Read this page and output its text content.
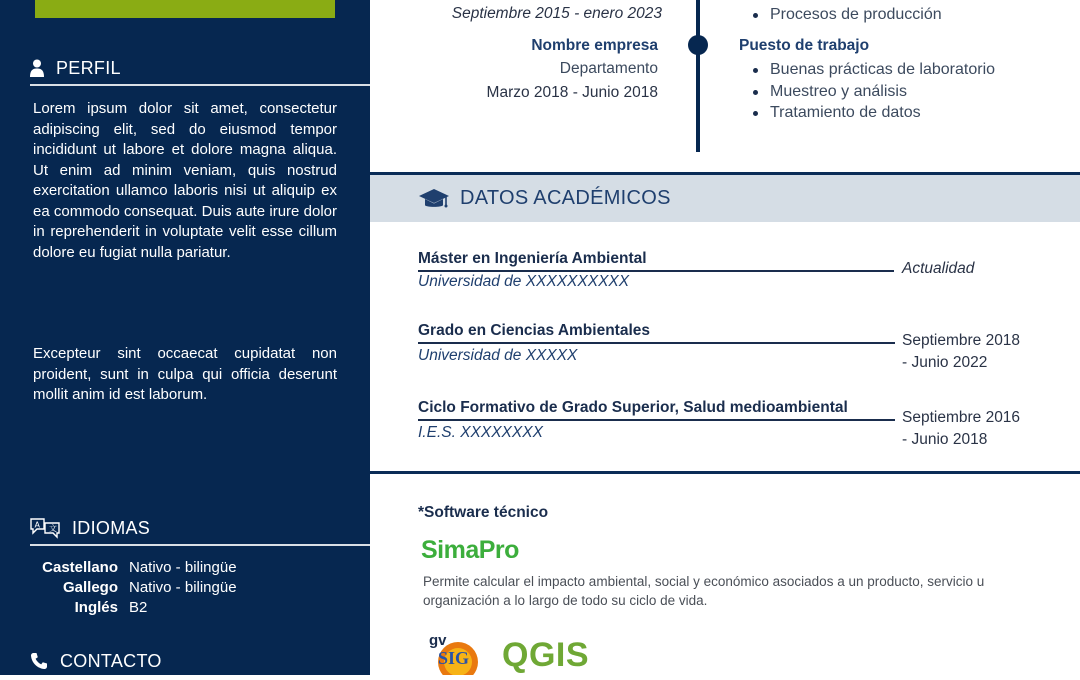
PERFIL

Lorem ipsum dolor sit amet, consectetur adipiscing elit, sed do eiusmod tempor incididunt ut labore et dolore magna aliqua. Ut enim ad minim veniam, quis nostrud exercitation ullamco laboris nisi ut aliquip ex ea commodo consequat. Duis aute irure dolor in reprehenderit in voluptate velit esse cillum dolore eu fugiat nulla pariatur.

Excepteur sint occaecat cupidatat non proident, sunt in culpa qui officia deserunt mollit anim id est laborum.

A 文 IDIOMAS
Castellano Nativo - bilingüe
Gallego Nativo - bilingüe
Inglés B2
CONTACTO
Septiembre 2015 - enero 2023	Procesos de producción
Nombre empresa
Departamento
Marzo 2018 - Junio 2018
Puesto de trabajo
Buenas prácticas de laboratorio
Muestreo y análisis
Tratamiento de datos
DATOS ACADÉMICOS
Máster en Ingeniería Ambiental
Universidad de XXXXXXXXXX
Actualidad
Grado en Ciencias Ambientales
Universidad de XXXXX
Septiembre 2018
- Junio 2022
Ciclo Formativo de Grado Superior, Salud medioambiental
I.E.S. XXXXXXXX
Septiembre 2016
- Junio 2018
*Software técnico
SimaPro

Permite calcular el impacto ambiental, social y económico asociados a un producto, servicio u organización a lo largo de todo su ciclo de vida.

gv
SIG QGIS
